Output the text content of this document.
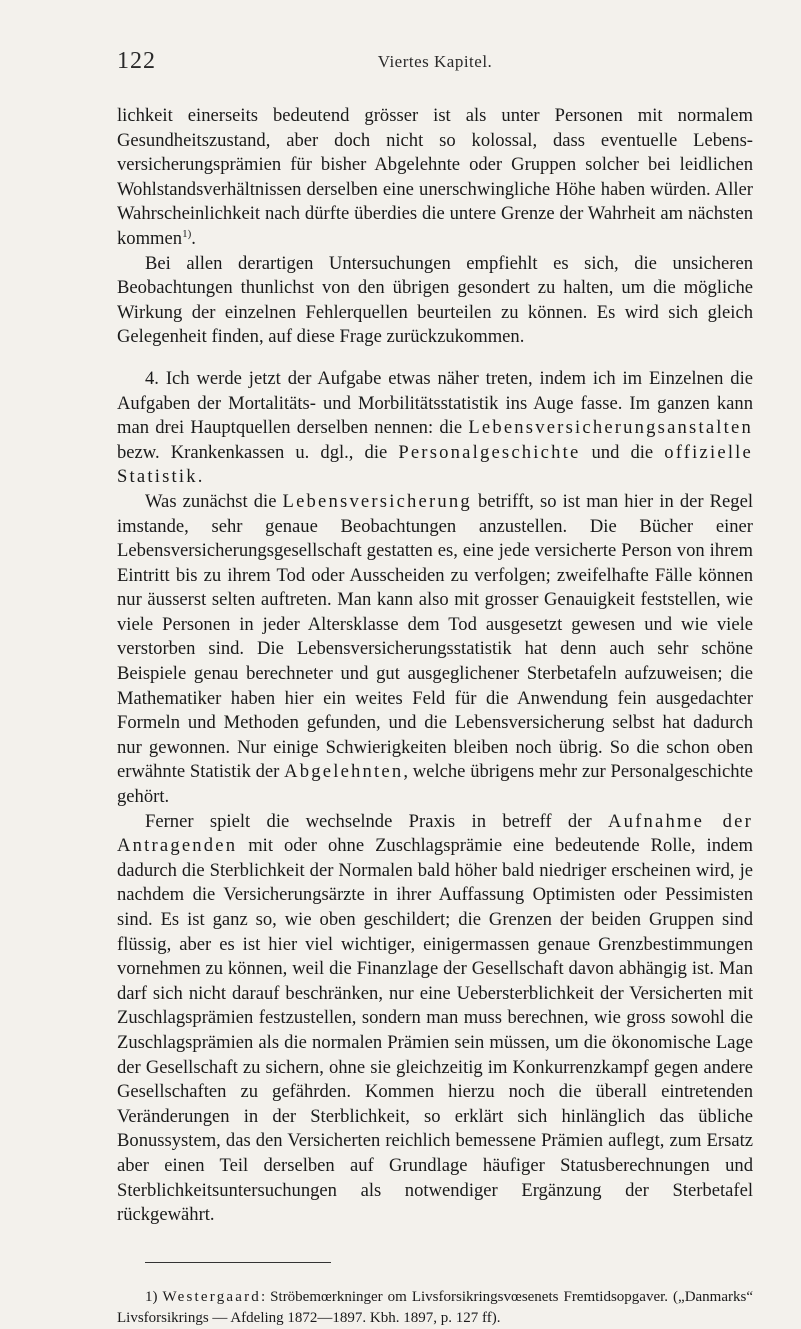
122	Viertes Kapitel.

lichkeit einerseits bedeutend grösser ist als unter Personen mit normalem Gesundheitszustand, aber doch nicht so kolossal, dass eventuelle Lebens-versicherungsprämien für bisher Abgelehnte oder Gruppen solcher bei leidlichen Wohlstandsverhältnissen derselben eine unerschwingliche Höhe haben würden. Aller Wahrscheinlichkeit nach dürfte überdies die untere Grenze der Wahrheit am nächsten kommen$^{1)}$.

Bei allen derartigen Untersuchungen empfiehlt es sich, die unsicheren Beobachtungen thunlichst von den übrigen gesondert zu halten, um die mögliche Wirkung der einzelnen Fehlerquellen beurteilen zu können. Es wird sich gleich Gelegenheit finden, auf diese Frage zurückzukommen.

4. Ich werde jetzt der Aufgabe etwas näher treten, indem ich im Einzelnen die Aufgaben der Mortalitäts- und Morbilitätsstatistik ins Auge fasse. Im ganzen kann man drei Hauptquellen derselben nennen: die Lebensversicherungsanstalten bezw. Krankenkassen u. dgl., die Personalgeschichte und die offizielle Statistik.

Was zunächst die Lebensversicherung betrifft, so ist man hier in der Regel imstande, sehr genaue Beobachtungen anzustellen. Die Bücher einer Lebensversicherungsgesellschaft gestatten es, eine jede versicherte Person von ihrem Eintritt bis zu ihrem Tod oder Ausscheiden zu verfolgen; zweifelhafte Fälle können nur äusserst selten auftreten. Man kann also mit grosser Genauigkeit feststellen, wie viele Personen in jeder Altersklasse dem Tod ausgesetzt gewesen und wie viele verstorben sind. Die Lebensversicherungsstatistik hat denn auch sehr schöne Beispiele genau berechneter und gut ausgeglichener Sterbetafeln aufzuweisen; die Mathematiker haben hier ein weites Feld für die Anwendung fein ausgedachter Formeln und Methoden gefunden, und die Lebensversicherung selbst hat dadurch nur gewonnen. Nur einige Schwierigkeiten bleiben noch übrig. So die schon oben erwähnte Statistik der Abgelehnten, welche übrigens mehr zur Personalgeschichte gehört.

Ferner spielt die wechselnde Praxis in betreff der Aufnahme der Antragenden mit oder ohne Zuschlagsprämie eine bedeutende Rolle, indem dadurch die Sterblichkeit der Normalen bald höher bald niedriger erscheinen wird, je nachdem die Versicherungsärzte in ihrer Auffassung Optimisten oder Pessimisten sind. Es ist ganz so, wie oben geschildert; die Grenzen der beiden Gruppen sind flüssig, aber es ist hier viel wichtiger, einigermassen genaue Grenzbestimmungen vornehmen zu können, weil die Finanzlage der Gesellschaft davon abhängig ist. Man darf sich nicht darauf beschränken, nur eine Uebersterblichkeit der Versicherten mit Zuschlagsprämien festzustellen, sondern man muss berechnen, wie gross sowohl die Zuschlagsprämien als die normalen Prämien sein müssen, um die ökonomische Lage der Gesellschaft zu sichern, ohne sie gleichzeitig im Konkurrenzkampf gegen andere Gesellschaften zu gefährden. Kommen hierzu noch die überall eintretenden Veränderungen in der Sterblichkeit, so erklärt sich hinlänglich das übliche Bonussystem, das den Versicherten reichlich bemessene Prämien auflegt, zum Ersatz aber einen Teil derselben auf Grundlage häufiger Statusberechnungen und Sterblichkeitsuntersuchungen als notwendiger Ergänzung der Sterbetafel rückgewährt.

1) Westergaard: Ströbemœrkninger om Livsforsikringsvœsenets Fremtidsopgaver. („Danmarks“ Livsforsikrings — Afdeling 1872—1897. Kbh. 1897, p. 127 ff).
